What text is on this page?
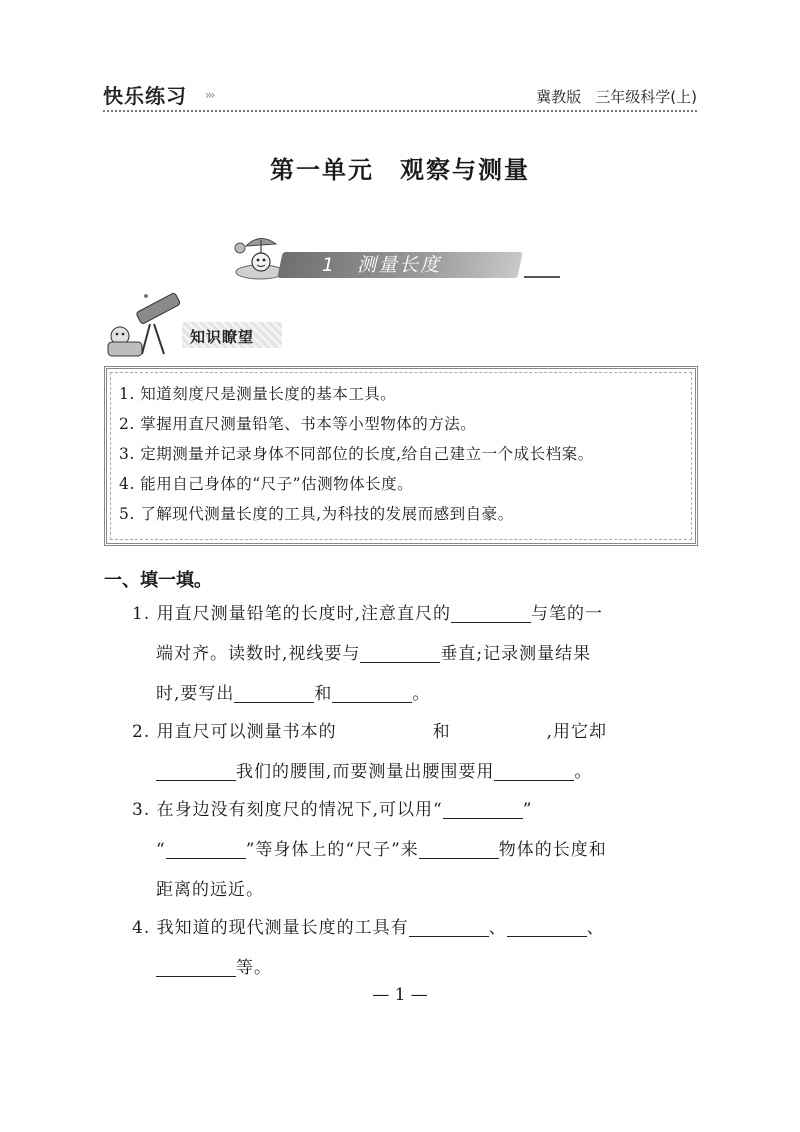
快乐练习 ›››	冀教版 三年级科学(上)
第一单元 观察与测量
1　测量长度
知识瞭望
1. 知道刻度尺是测量长度的基本工具。
2. 掌握用直尺测量铅笔、书本等小型物体的方法。
3. 定期测量并记录身体不同部位的长度,给自己建立一个成长档案。
4. 能用自己身体的“尺子”估测物体长度。
5. 了解现代测量长度的工具,为科技的发展而感到自豪。
一、填一填。
1. 用直尺测量铅笔的长度时,注意直尺的	与笔的一
端对齐。读数时,视线要与	垂直;记录测量结果
时,要写出	和	。
2. 用直尺可以测量书本的	和	,用它却
我们的腰围,而要测量出腰围要用	。
3. 在身边没有刻度尺的情况下,可以用“	”
“	”等身体上的“尺子”来	物体的长度和
距离的远近。
4. 我知道的现代测量长度的工具有	、	、
等。
— 1 —
